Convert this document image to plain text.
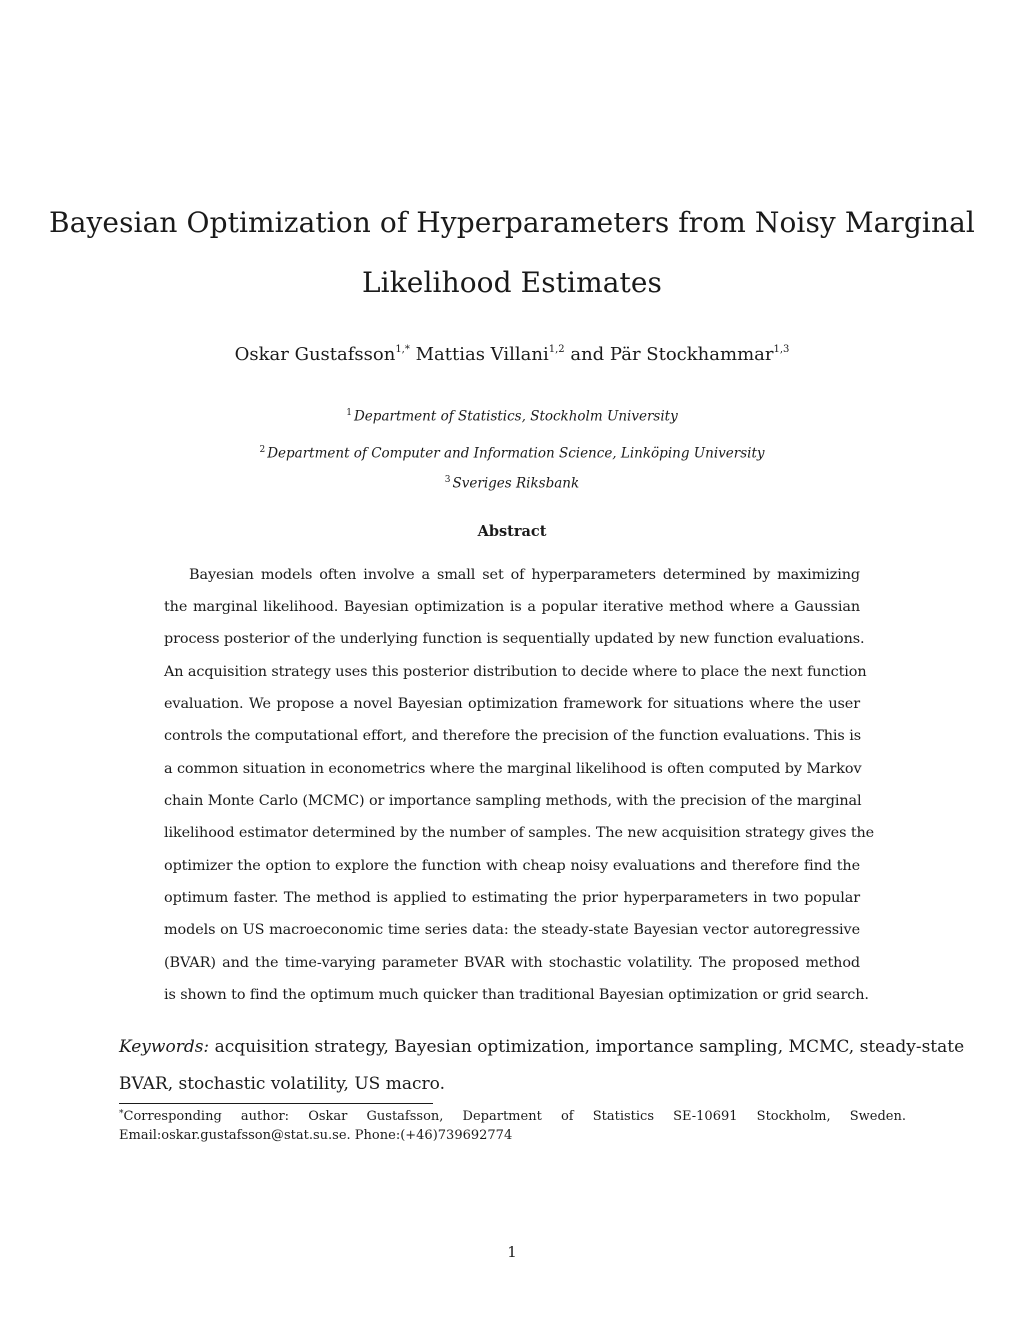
Bayesian Optimization of Hyperparameters from Noisy Marginal
Likelihood Estimates
Oskar Gustafsson$^{1,*}$ Mattias Villani$^{1,2}$ and Pär Stockhammar$^{1,3}$
$^1$ Department of Statistics, Stockholm University
$^2$ Department of Computer and Information Science, Linköping University
$^3$ Sveriges Riksbank
Abstract
Bayesian models often involve a small set of hyperparameters determined by maximizing
the marginal likelihood. Bayesian optimization is a popular iterative method where a Gaussian
process posterior of the underlying function is sequentially updated by new function evaluations.
An acquisition strategy uses this posterior distribution to decide where to place the next function
evaluation. We propose a novel Bayesian optimization framework for situations where the user
controls the computational effort, and therefore the precision of the function evaluations. This is
a common situation in econometrics where the marginal likelihood is often computed by Markov
chain Monte Carlo (MCMC) or importance sampling methods, with the precision of the marginal
likelihood estimator determined by the number of samples. The new acquisition strategy gives the
optimizer the option to explore the function with cheap noisy evaluations and therefore find the
optimum faster. The method is applied to estimating the prior hyperparameters in two popular
models on US macroeconomic time series data: the steady-state Bayesian vector autoregressive
(BVAR) and the time-varying parameter BVAR with stochastic volatility. The proposed method
is shown to find the optimum much quicker than traditional Bayesian optimization or grid search.
Keywords: acquisition strategy, Bayesian optimization, importance sampling, MCMC, steady-state
BVAR, stochastic volatility, US macro.
*Corresponding author: Oskar Gustafsson, Department of Statistics SE-10691 Stockholm, Sweden.
Email:oskar.gustafsson@stat.su.se. Phone:(+46)739692774
1
